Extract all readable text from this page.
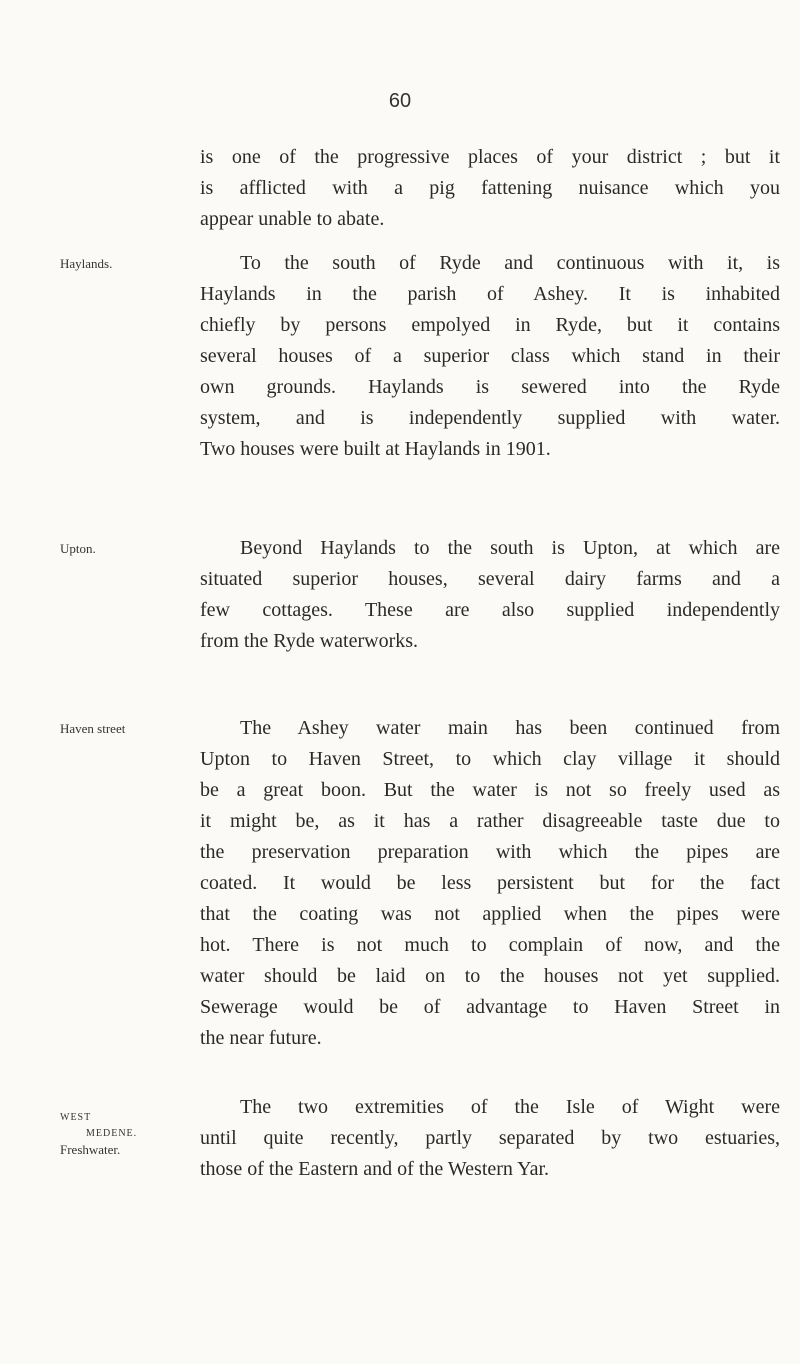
60
is one of the progressive places of your district ; but it
is afflicted with a pig fattening nuisance which you
appear unable to abate.
Haylands.	To the south of Ryde and continuous with it, is
Haylands in the parish of Ashey. It is inhabited
chiefly by persons empolyed in Ryde, but it contains
several houses of a superior class which stand in their
own grounds. Haylands is sewered into the Ryde
system, and is independently supplied with water.
Two houses were built at Haylands in 1901.
Upton.	Beyond Haylands to the south is Upton, at which are
situated superior houses, several dairy farms and a
few cottages. These are also supplied independently
from the Ryde waterworks.
Haven street	The Ashey water main has been continued from
Upton to Haven Street, to which clay village it should
be a great boon. But the water is not so freely used as
it might be, as it has a rather disagreeable taste due to
the preservation preparation with which the pipes are
coated. It would be less persistent but for the fact
that the coating was not applied when the pipes were
hot. There is not much to complain of now, and the
water should be laid on to the houses not yet supplied.
Sewerage would be of advantage to Haven Street in
the near future.
WEST
MEDENE.
Freshwater.
The two extremities of the Isle of Wight were
until quite recently, partly separated by two estuaries,
those of the Eastern and of the Western Yar.
